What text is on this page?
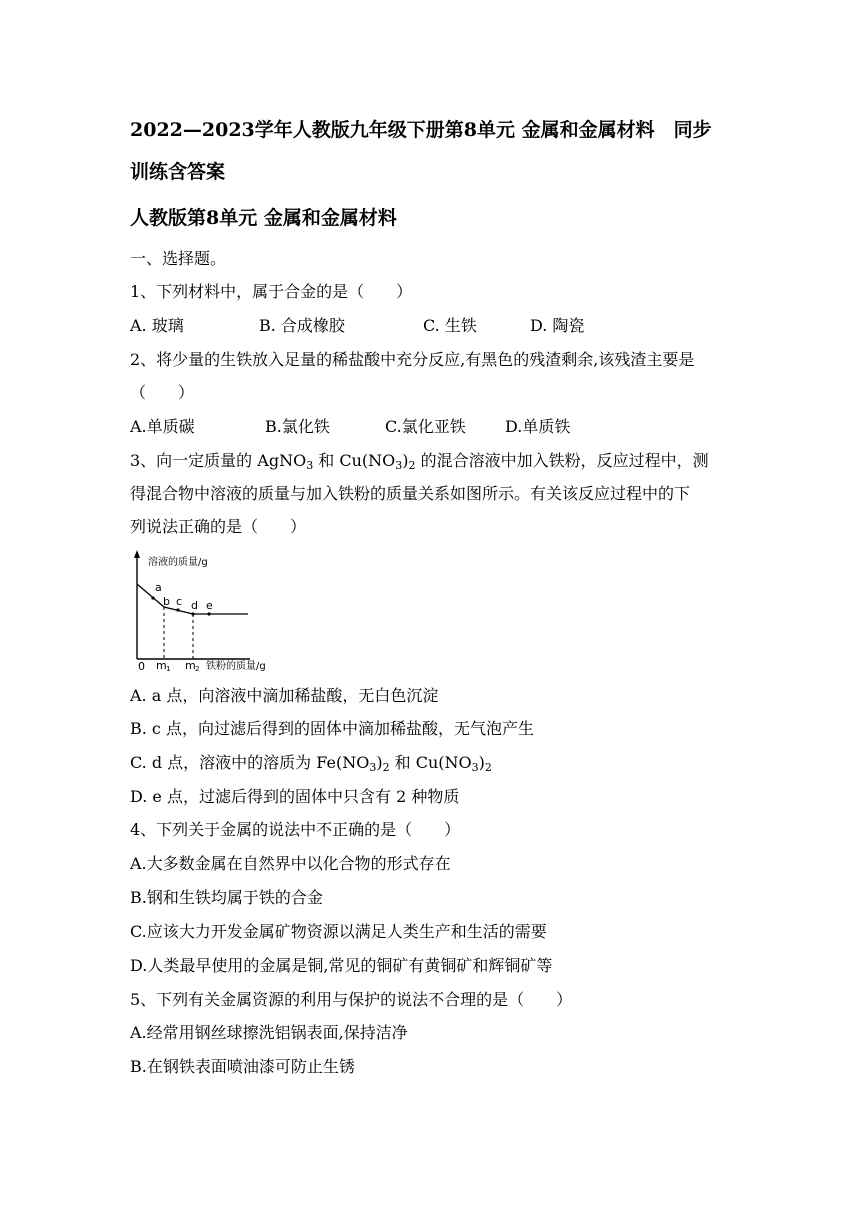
2022—2023学年人教版九年级下册第8单元 金属和金属材料　同步
训练含答案
人教版第8单元 金属和金属材料
一、选择题。
1、下列材料中，属于合金的是（　　）
A. 玻璃	B. 合成橡胶	C. 生铁	D. 陶瓷
2、将少量的生铁放入足量的稀盐酸中充分反应,有黑色的残渣剩余,该残渣主要是
（　　）
A.单质碳	B.氯化铁	C.氯化亚铁 D.单质铁
3、向一定质量的 AgNO$_3$ 和 $Cu(NO_3)_2$ 的混合溶液中加入铁粉，反应过程中，测
得混合物中溶液的质量与加入铁粉的质量关系如图所示。有关该反应过程中的下
列说法正确的是（　　）
溶液的质量/g
a
b c d e
0 m 1 m 2 铁粉的质量/g
A. a 点，向溶液中滴加稀盐酸，无白色沉淀
B. c 点，向过滤后得到的固体中滴加稀盐酸，无气泡产生
C. d 点，溶液中的溶质为 $Fe(NO_3)_2$ 和 $Cu(NO_3)_2$
D. e 点，过滤后得到的固体中只含有 2 种物质
4、下列关于金属的说法中不正确的是（　　）
A.大多数金属在自然界中以化合物的形式存在
B.钢和生铁均属于铁的合金
C.应该大力开发金属矿物资源以满足人类生产和生活的需要
D.人类最早使用的金属是铜,常见的铜矿有黄铜矿和辉铜矿等
5、下列有关金属资源的利用与保护的说法不合理的是（　　）
A.经常用钢丝球擦洗铝锅表面,保持洁净
B.在钢铁表面喷油漆可防止生锈
